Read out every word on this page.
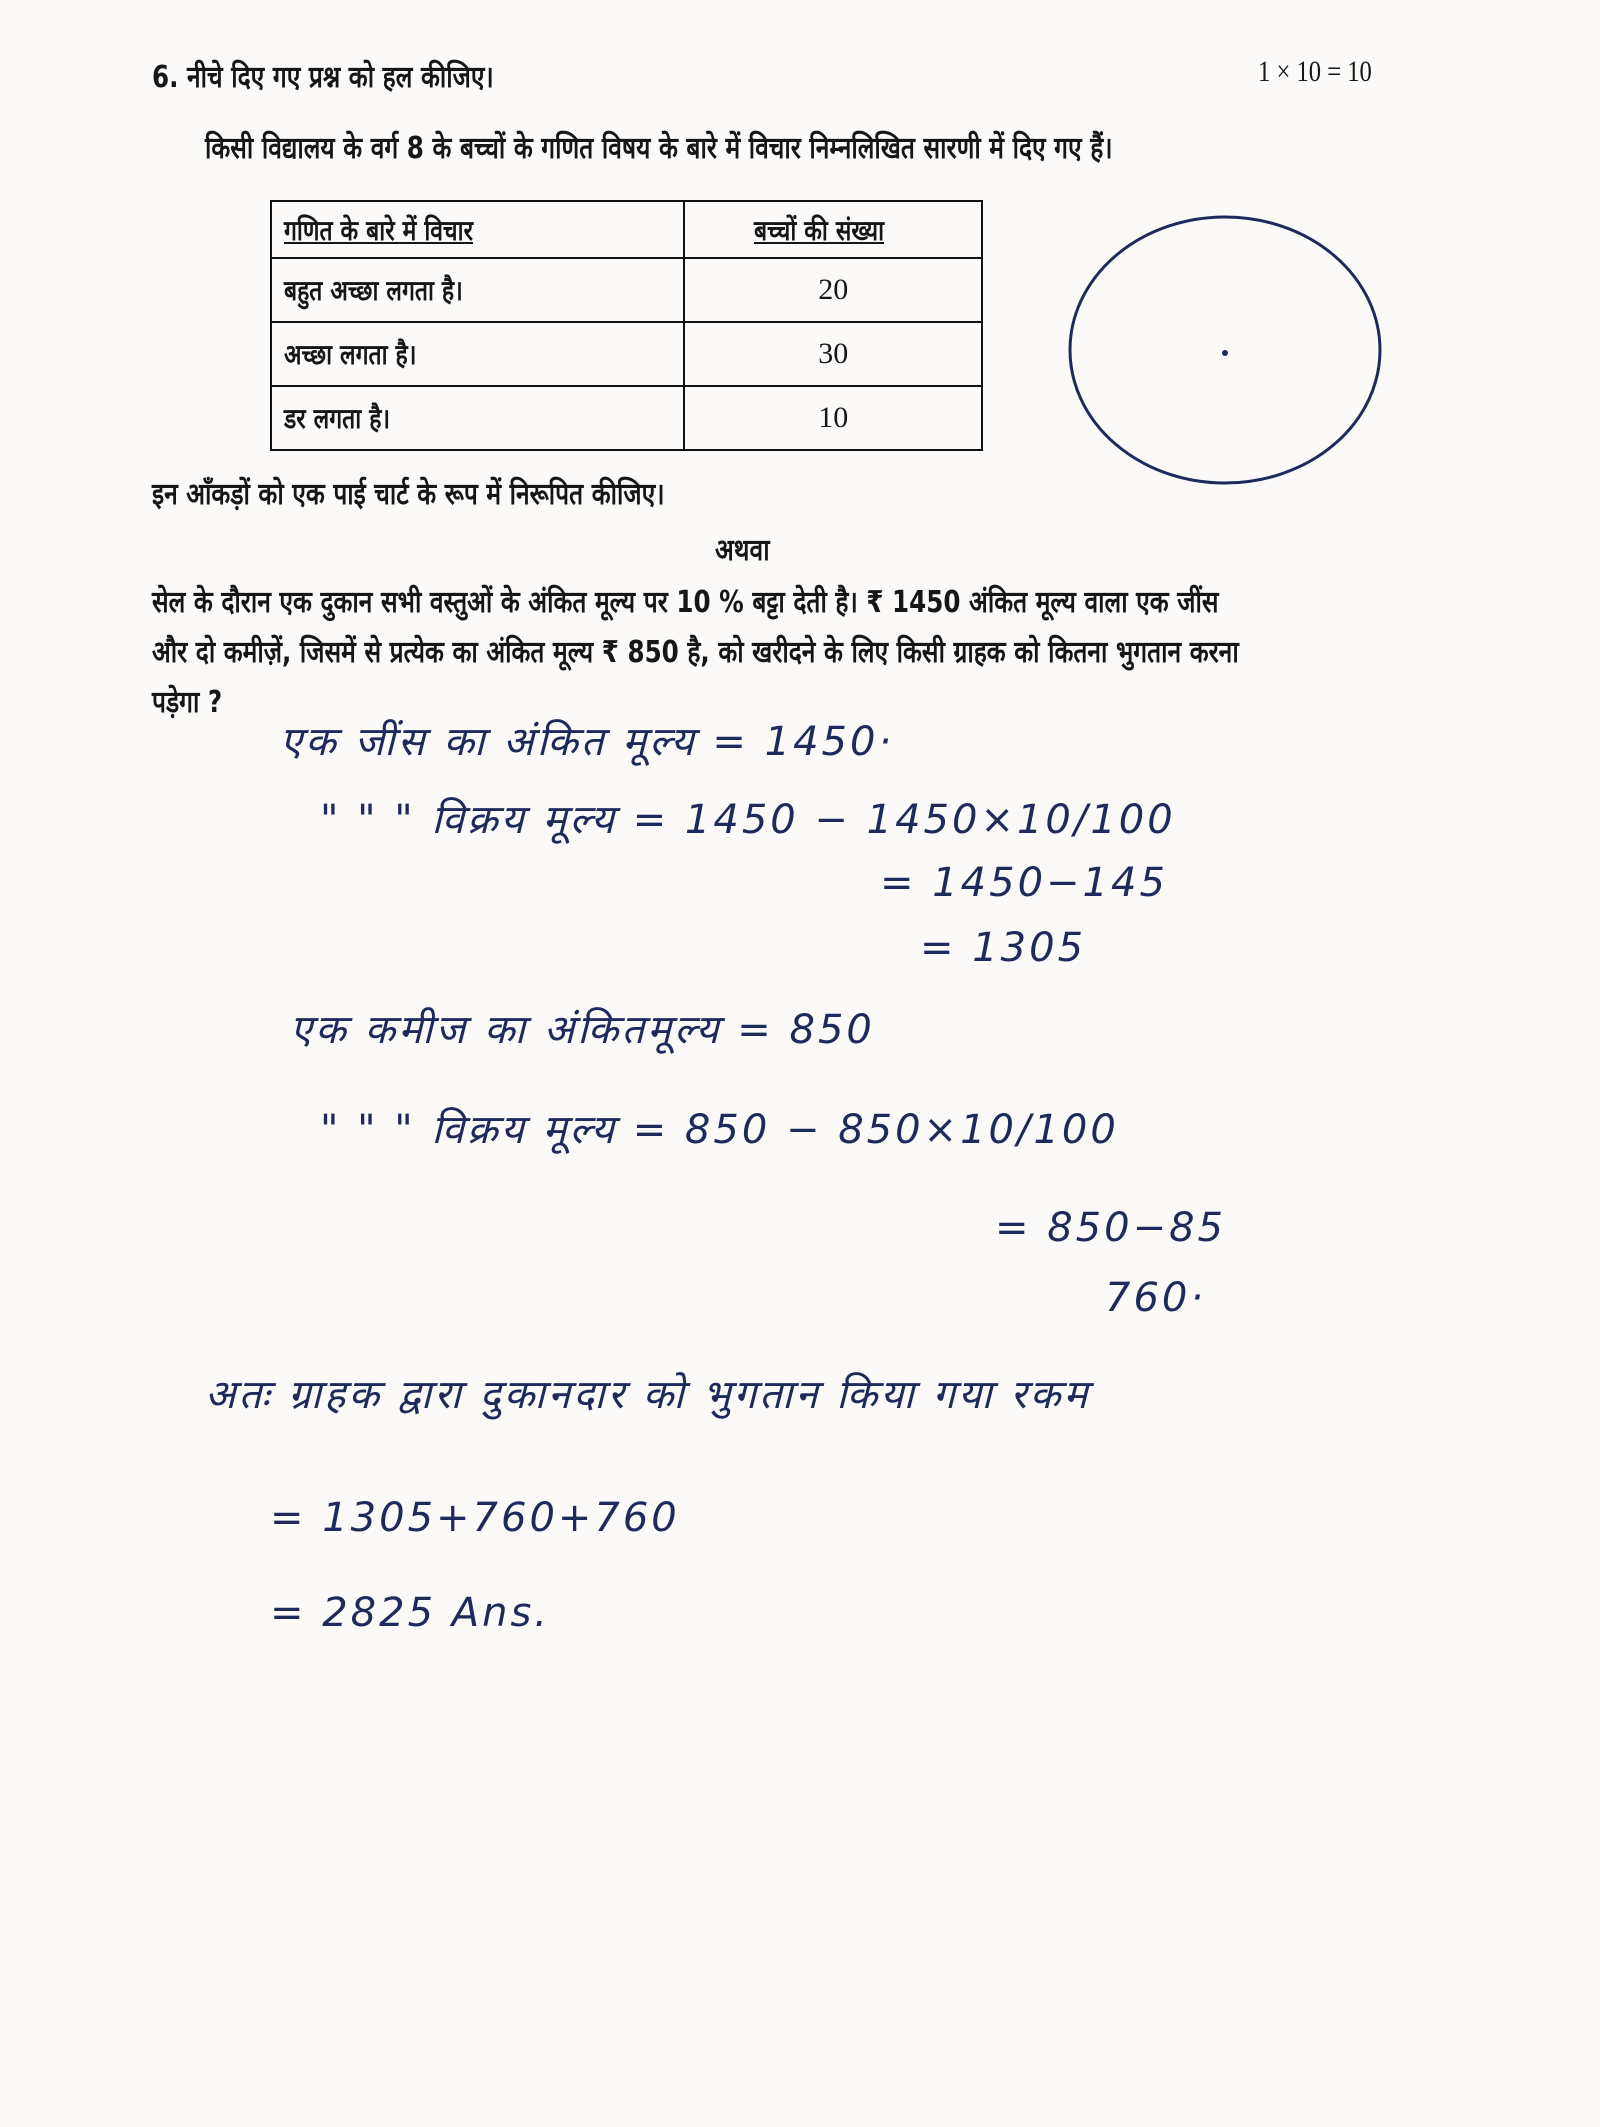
6. नीचे दिए गए प्रश्न को हल कीजिए।	1 × 10 = 10
किसी विद्यालय के वर्ग 8 के बच्चों के गणित विषय के बारे में विचार निम्नलिखित सारणी में दिए गए हैं।
गणित के बारे में विचार	बच्चों की संख्या
बहुत अच्छा लगता है।	20
अच्छा लगता है।	30
डर लगता है।	10
इन आँकड़ों को एक पाई चार्ट के रूप में निरूपित कीजिए।
अथवा
सेल के दौरान एक दुकान सभी वस्तुओं के अंकित मूल्य पर 10 % बट्टा देती है। ₹ 1450 अंकित मूल्य वाला एक जींस
और दो कमीज़ें, जिसमें से प्रत्येक का अंकित मूल्य ₹ 850 है, को खरीदने के लिए किसी ग्राहक को कितना भुगतान करना
पड़ेगा ?
एक जींस का अंकित मूल्य = 1450·
" " " विक्रय मूल्य = 1450 − 1450×10/100
= 1450−145
= 1305
एक कमीज का अंकितमूल्य = 850
" " " विक्रय मूल्य = 850 − 850×10/100
= 850−85
760·
अतः ग्राहक द्वारा दुकानदार को भुगतान किया गया रकम
= 1305+760+760
= 2825 Ans.
